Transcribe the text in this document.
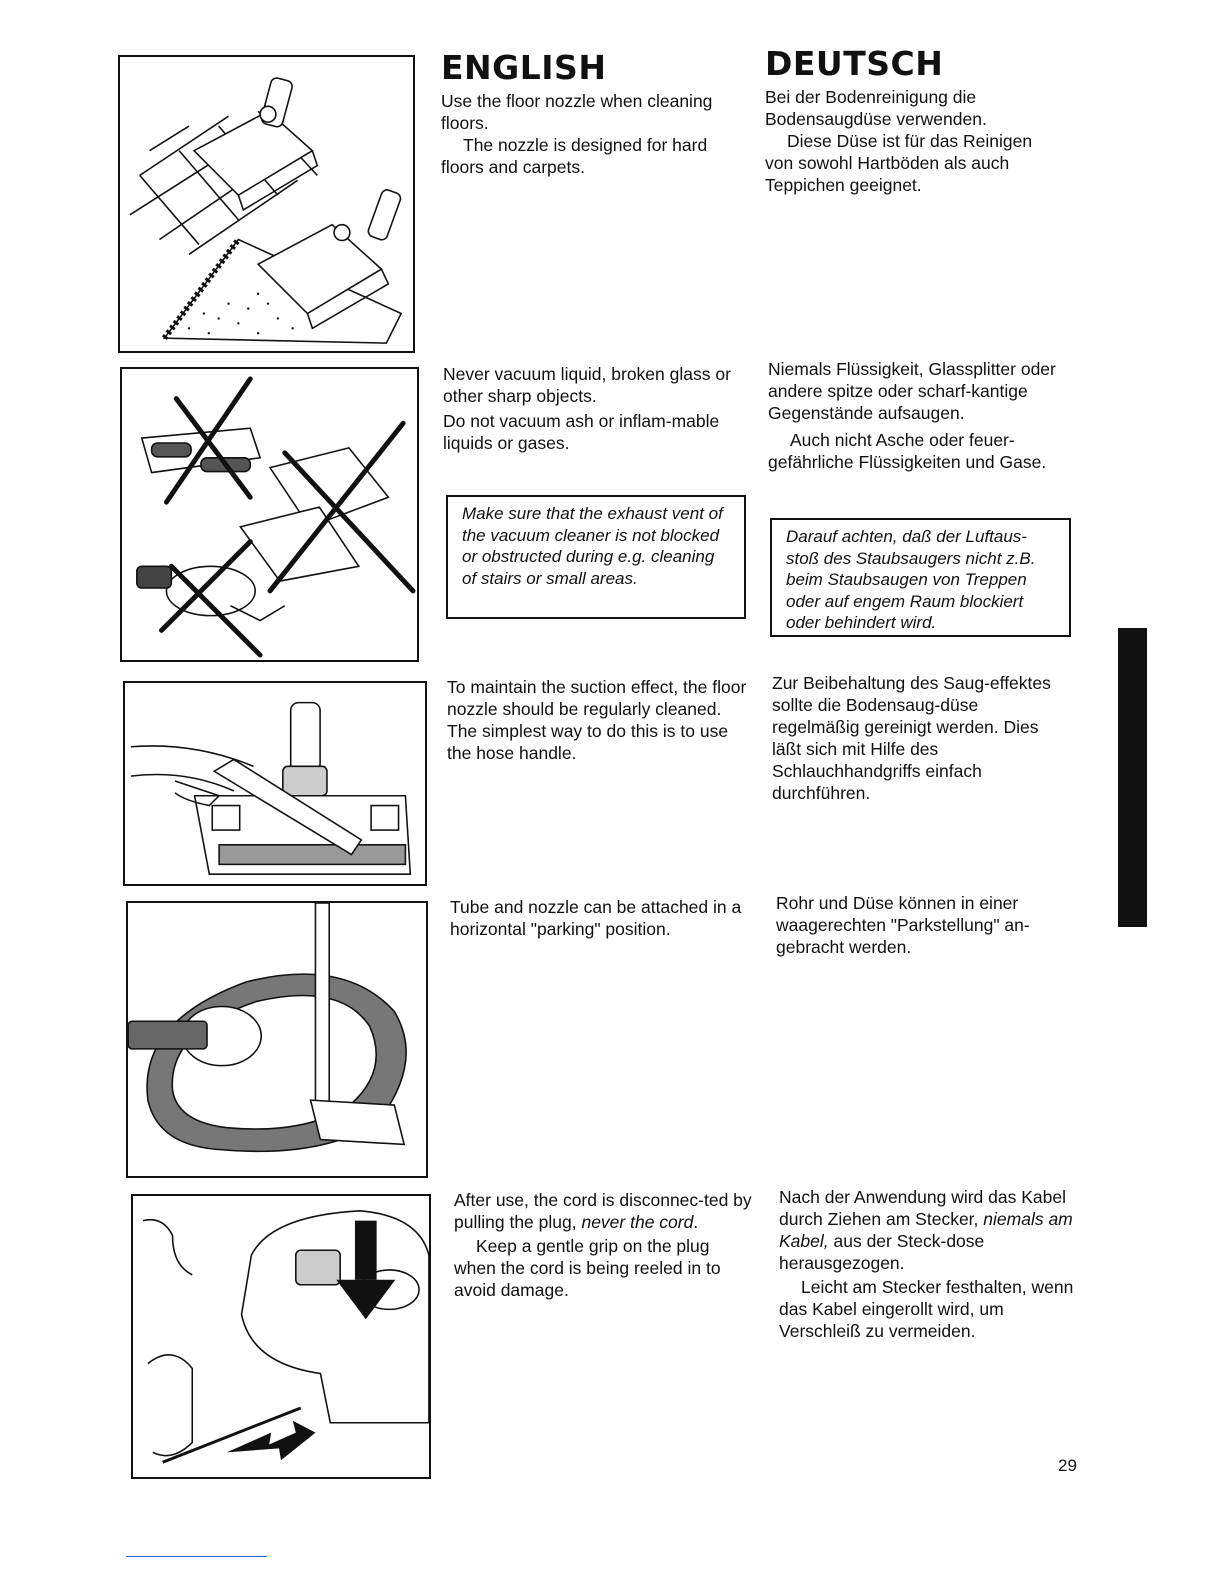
ENGLISH	DEUTSCH

Use the floor nozzle when cleaning floors.

The nozzle is designed for hard floors and carpets.

Bei der Bodenreinigung die Bodensaugdüse verwenden.

Diese Düse ist für das Reinigen von sowohl Hartböden als auch Teppichen geeignet.

Never vacuum liquid, broken glass or other sharp objects.

Do not vacuum ash or inflam-mable liquids or gases.

Niemals Flüssigkeit, Glassplitter oder andere spitze oder scharf-kantige Gegenstände aufsaugen.

Auch nicht Asche oder feuer-gefährliche Flüssigkeiten und Gase.

Make sure that the exhaust vent of the vacuum cleaner is not blocked or obstructed during e.g. cleaning of stairs or small areas.
Darauf achten, daß der Luftaus-stoß des Staubsaugers nicht z.B. beim Staubsaugen von Treppen oder auf engem Raum blockiert oder behindert wird.

To maintain the suction effect, the floor nozzle should be regularly cleaned. The simplest way to do this is to use the hose handle.

Zur Beibehaltung des Saug-effektes sollte die Bodensaug-düse regelmäßig gereinigt werden. Dies läßt sich mit Hilfe des Schlauchhandgriffs einfach durchführen.

Tube and nozzle can be attached in a horizontal "parking" position.

Rohr und Düse können in einer waagerechten "Parkstellung" an-gebracht werden.

After use, the cord is disconnec-ted by pulling the plug, never the cord.

Keep a gentle grip on the plug when the cord is being reeled in to avoid damage.

Nach der Anwendung wird das Kabel durch Ziehen am Stecker, niemals am Kabel, aus der Steck-dose herausgezogen.

Leicht am Stecker festhalten, wenn das Kabel eingerollt wird, um Verschleiß zu vermeiden.

29
